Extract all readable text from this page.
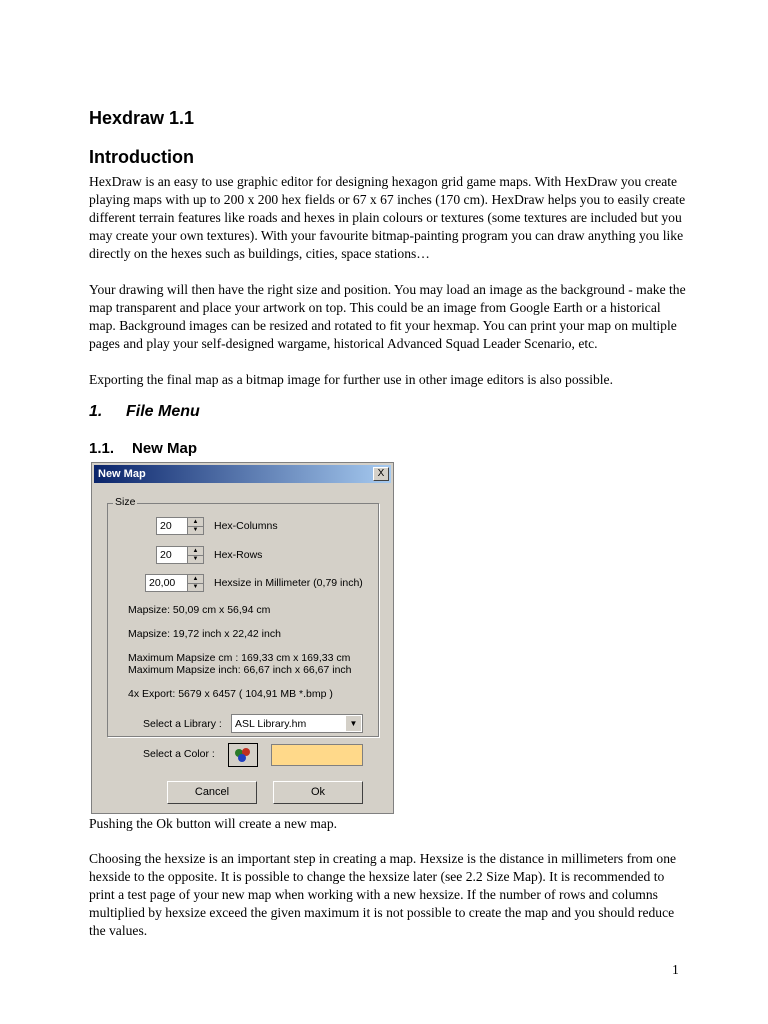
Hexdraw 1.1
Introduction
HexDraw is an easy to use graphic editor for designing hexagon grid game maps. With HexDraw you create playing maps with up to 200 x 200 hex fields or 67 x 67 inches (170 cm). HexDraw helps you to easily create different terrain features like roads and hexes in plain colours or textures (some textures are included but you may create your own textures). With your favourite bitmap-painting program you can draw anything you like directly on the hexes such as buildings, cities, space stations…
Your drawing will then have the right size and position. You may load an image as the background - make the map transparent and place your artwork on top. This could be an image from Google Earth or a historical map. Background images can be resized and rotated to fit your hexmap. You can print your map on multiple pages and play your self-designed wargame, historical Advanced Squad Leader Scenario, etc.
Exporting the final map as a bitmap image for further use in other image editors is also possible.
1. File Menu
1.1. New Map
New Map	X
Size
20	▲
▼	Hex-Columns
20	▲
▼	Hex-Rows
20,00	▲
▼	Hexsize in Millimeter (0,79 inch)
Mapsize: 50,09 cm x 56,94 cm
Mapsize: 19,72 inch x 22,42 inch
Maximum Mapsize cm : 169,33 cm x 169,33 cm
Maximum Mapsize inch: 66,67 inch x 66,67 inch
4x Export: 5679 x 6457 ( 104,91 MB *.bmp )
Select a Library : ASL Library.hm	▼
Select a Color :
Cancel	Ok
Pushing the Ok button will create a new map.
Choosing the hexsize is an important step in creating a map. Hexsize is the distance in millimeters from one hexside to the opposite. It is possible to change the hexsize later (see 2.2 Size Map). It is recommended to print a test page of your new map when working with a new hexsize. If the number of rows and columns multiplied by hexsize exceed the given maximum it is not possible to create the map and you should reduce the values.
1
